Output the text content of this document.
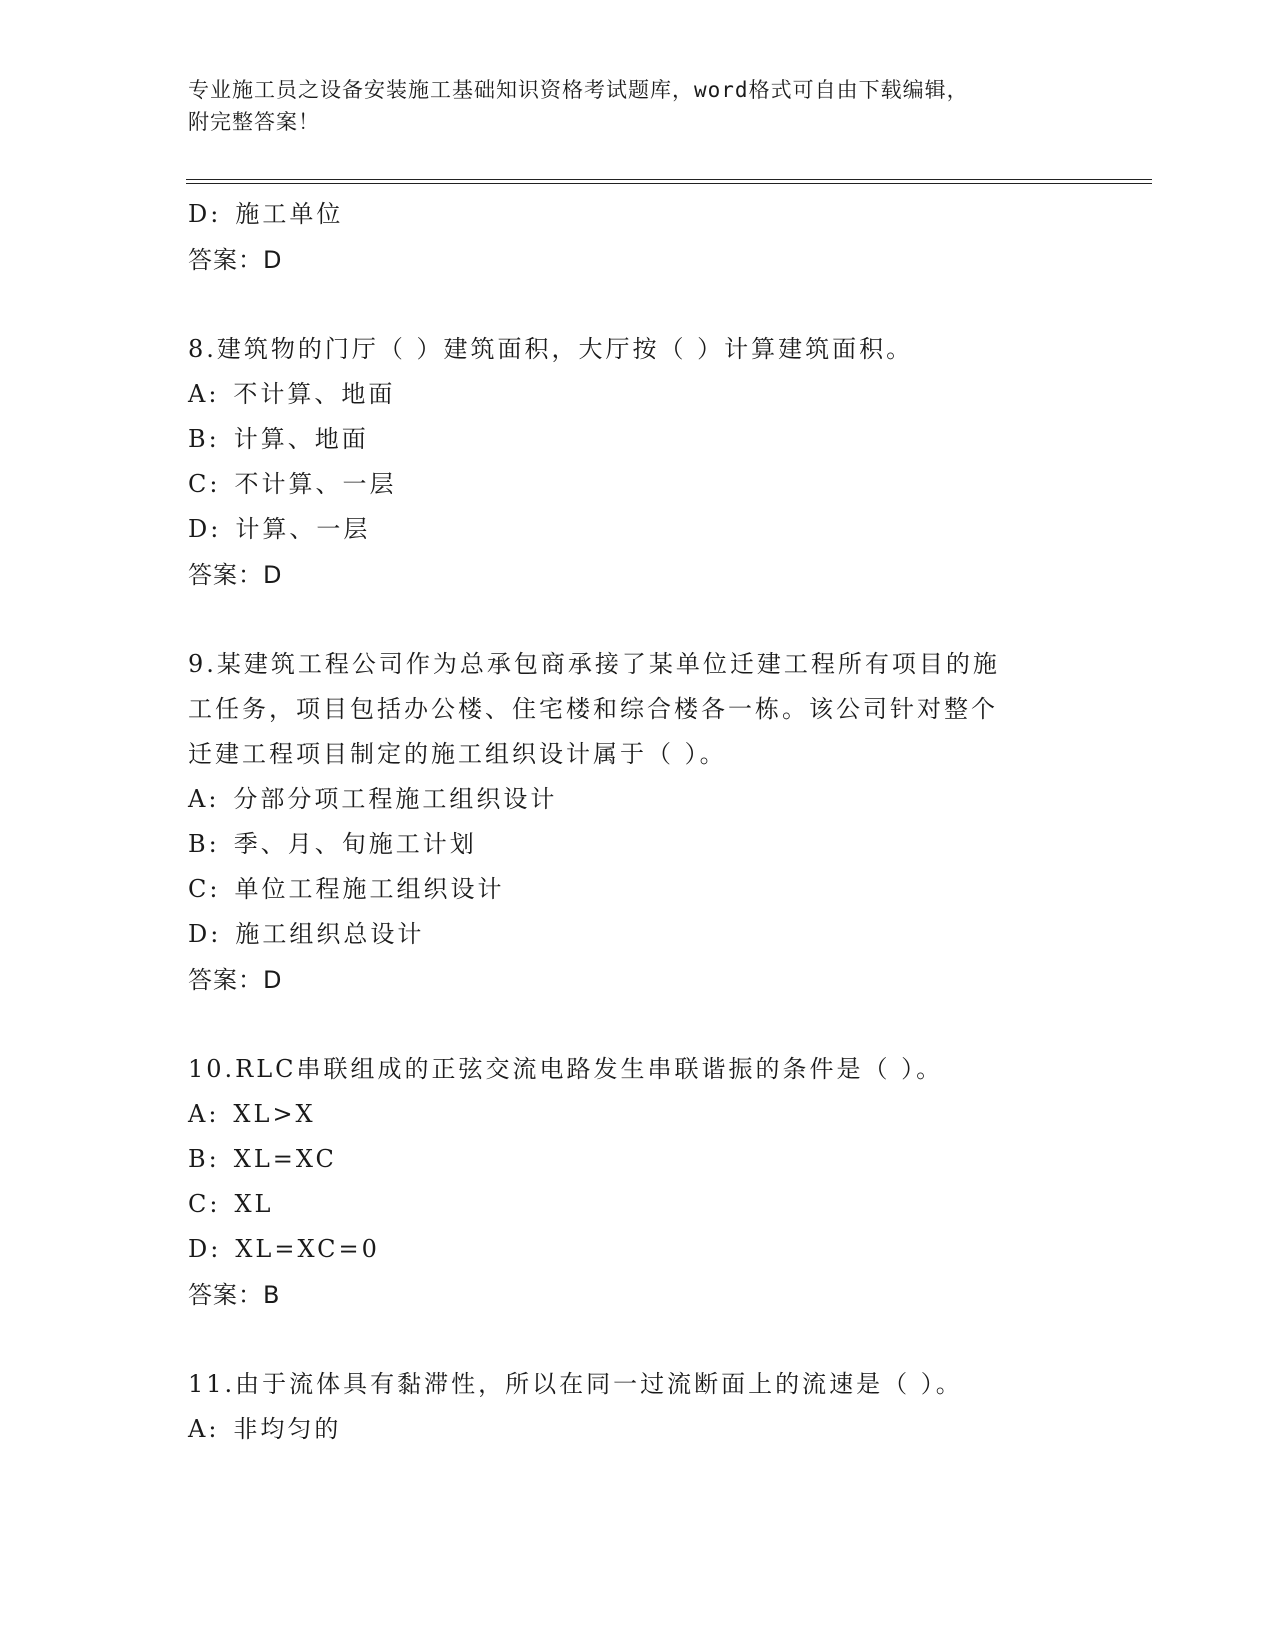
专业施工员之设备安装施工基础知识资格考试题库，word格式可自由下载编辑，
附完整答案！
D: 施工单位
答案：D
8.建筑物的门厅（ ）建筑面积，大厅按（ ）计算建筑面积。
A: 不计算、地面
B: 计算、地面
C: 不计算、一层
D: 计算、一层
答案：D
9.某建筑工程公司作为总承包商承接了某单位迁建工程所有项目的施
工任务，项目包括办公楼、住宅楼和综合楼各一栋。该公司针对整个
迁建工程项目制定的施工组织设计属于（ ）。
A: 分部分项工程施工组织设计
B: 季、月、旬施工计划
C: 单位工程施工组织设计
D: 施工组织总设计
答案：D
10.RLC串联组成的正弦交流电路发生串联谐振的条件是（ ）。
A: XL>X
B: XL=XC
C: XL
D: XL=XC=0
答案：B
11.由于流体具有黏滞性，所以在同一过流断面上的流速是（ ）。
A: 非均匀的
